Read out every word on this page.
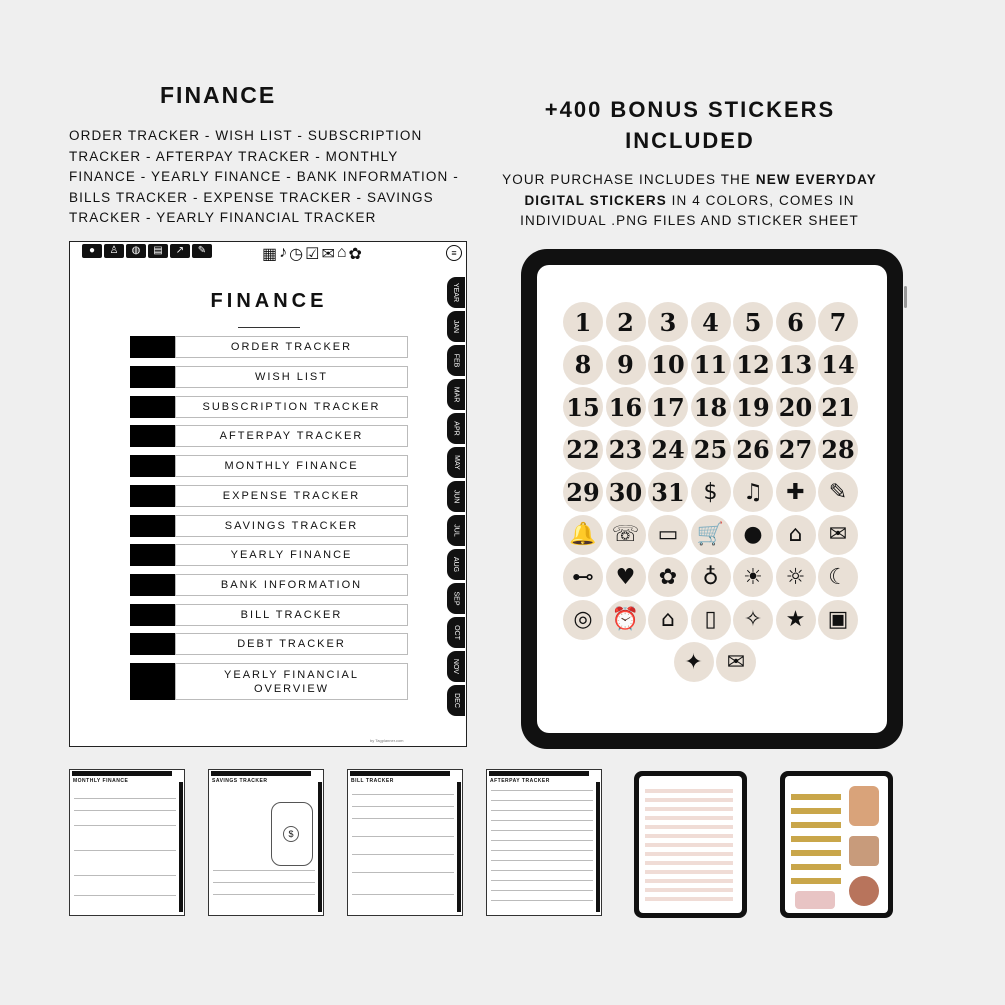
FINANCE
ORDER TRACKER - WISH LIST - SUBSCRIPTION TRACKER - AFTERPAY TRACKER - MONTHLY FINANCE - YEARLY FINANCE - BANK INFORMATION - BILLS TRACKER - EXPENSE TRACKER - SAVINGS TRACKER - YEARLY FINANCIAL TRACKER
+400 BONUS STICKERS INCLUDED
YOUR PURCHASE INCLUDES THE NEW EVERYDAY DIGITAL STICKERS IN 4 COLORS, COMES IN INDIVIDUAL .PNG FILES AND STICKER SHEET
●	♙	◍	▤	↗	✎	▦ ♪ ◷ ☑ ✉ ⌂ ✿	≡
FINANCE
ORDER TRACKER
WISH LIST
SUBSCRIPTION TRACKER
AFTERPAY TRACKER
MONTHLY FINANCE
EXPENSE TRACKER
SAVINGS TRACKER
YEARLY FINANCE
BANK INFORMATION
BILL TRACKER
DEBT TRACKER
YEARLY FINANCIAL OVERVIEW
YEAR
JAN
FEB
MAR
APR
MAY
JUN
JUL
AUG
SEP
OCT
NOV
DEC
by Tagplanner.com
1	2	3	4	5	6	7
8	9 10 11 12 13 14
15 16 17 18 19 20 21
22 23 24 25 26 27 28
29 30 31 $	♫	✚	✎
🔔 ☏ ▭ 🛒 ●	⌂	✉
⊷ ♥	✿	♁	☀	☼	☾
◎ ⏰ ⌂	▯	✧	★	▣
✦	✉
MONTHLY FINANCE	SAVINGS TRACKER
$
BILL TRACKER	AFTERPAY TRACKER
